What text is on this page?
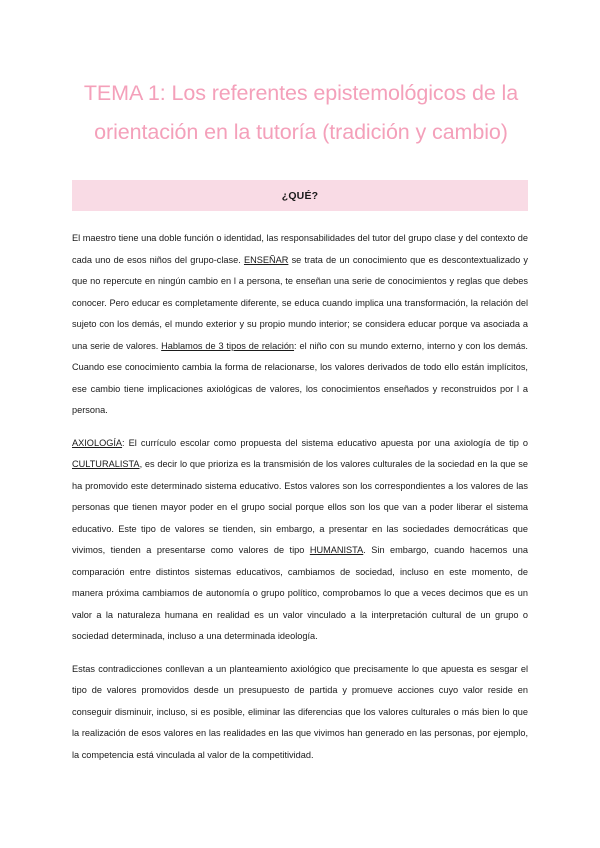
TEMA 1: Los referentes epistemológicos de la orientación en la tutoría (tradición y cambio)
¿QUÉ?

El maestro tiene una doble función o identidad, las responsabilidades del tutor del grupo clase y del contexto de cada uno de esos niños del grupo-clase. ENSEÑAR se trata de un conocimiento que es descontextualizado y que no repercute en ningún cambio en l a persona, te enseñan una serie de conocimientos y reglas que debes conocer. Pero educar es completamente diferente, se educa cuando implica una transformación, la relación del sujeto con los demás, el mundo exterior y su propio mundo interior; se considera educar porque va asociada a una serie de valores. Hablamos de 3 tipos de relación: el niño con su mundo externo, interno y con los demás. Cuando ese conocimiento cambia la forma de relacionarse, los valores derivados de todo ello están implícitos, ese cambio tiene implicaciones axiológicas de valores, los conocimientos enseñados y reconstruidos por l a persona.

AXIOLOGÍA: El currículo escolar como propuesta del sistema educativo apuesta por una axiología de tip o CULTURALISTA, es decir lo que prioriza es la transmisión de los valores culturales de la sociedad en la que se ha promovido este determinado sistema educativo. Estos valores son los correspondientes a los valores de las personas que tienen mayor poder en el grupo social porque ellos son los que van a poder liberar el sistema educativo. Este tipo de valores se tienden, sin embargo, a presentar en las sociedades democráticas que vivimos, tienden a presentarse como valores de tipo HUMANISTA. Sin embargo, cuando hacemos una comparación entre distintos sistemas educativos, cambiamos de sociedad, incluso en este momento, de manera próxima cambiamos de autonomía o grupo político, comprobamos lo que a veces decimos que es un valor a la naturaleza humana en realidad es un valor vinculado a la interpretación cultural de un grupo o sociedad determinada, incluso a una determinada ideología.

Estas contradicciones conllevan a un planteamiento axiológico que precisamente lo que apuesta es sesgar el tipo de valores promovidos desde un presupuesto de partida y promueve acciones cuyo valor reside en conseguir disminuir, incluso, si es posible, eliminar las diferencias que los valores culturales o más bien lo que la realización de esos valores en las realidades en las que vivimos han generado en las personas, por ejemplo, la competencia está vinculada al valor de la competitividad.
